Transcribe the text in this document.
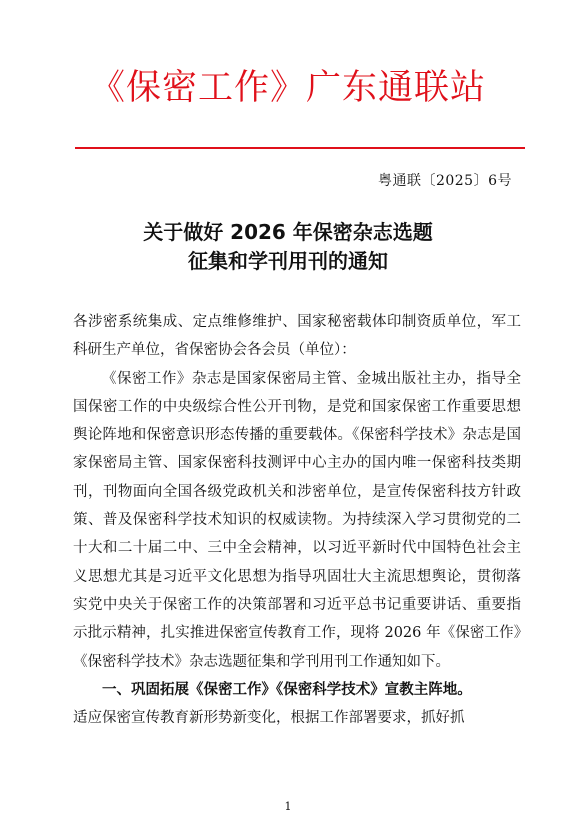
《保密工作》广东通联站
粤通联〔2025〕6号
关于做好 2026 年保密杂志选题
征集和学刊用刊的通知

各涉密系统集成、定点维修维护、国家秘密载体印制资质单位，军工科研生产单位，省保密协会各会员（单位）：

《保密工作》杂志是国家保密局主管、金城出版社主办，指导全国保密工作的中央级综合性公开刊物，是党和国家保密工作重要思想舆论阵地和保密意识形态传播的重要载体。《保密科学技术》杂志是国家保密局主管、国家保密科技测评中心主办的国内唯一保密科技类期刊，刊物面向全国各级党政机关和涉密单位，是宣传保密科技方针政策、普及保密科学技术知识的权威读物。为持续深入学习贯彻党的二十大和二十届二中、三中全会精神，以习近平新时代中国特色社会主义思想尤其是习近平文化思想为指导巩固壮大主流思想舆论，贯彻落实党中央关于保密工作的决策部署和习近平总书记重要讲话、重要指示批示精神，扎实推进保密宣传教育工作，现将 2026 年《保密工作》《保密科学技术》杂志选题征集和学刊用刊工作通知如下。

一、巩固拓展《保密工作》《保密科学技术》宣教主阵地。

适应保密宣传教育新形势新变化，根据工作部署要求，抓好抓

1
